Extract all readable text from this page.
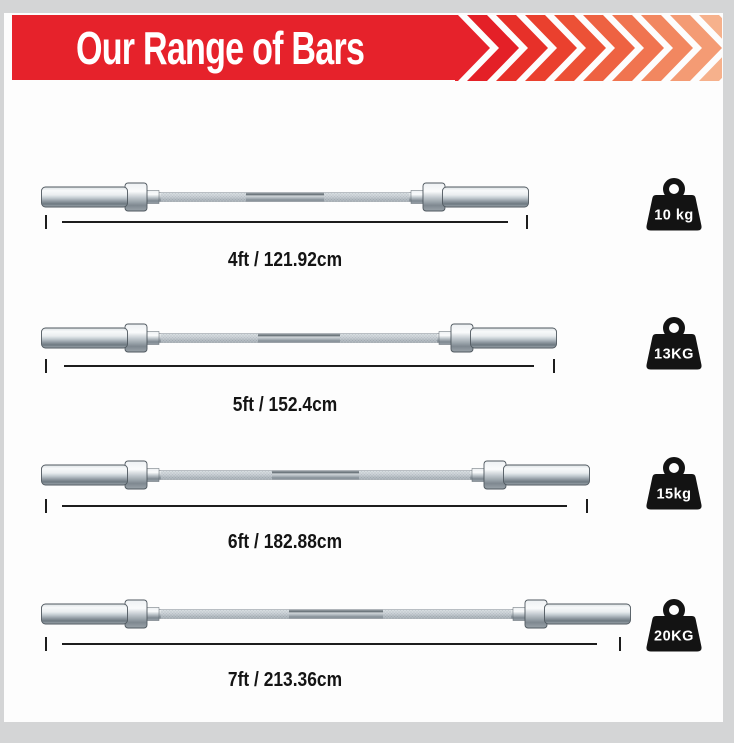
Our Range of Bars
4ft / 121.92cm
10 kg
5ft / 152.4cm
13KG
6ft / 182.88cm
15kg
7ft / 213.36cm
20KG
